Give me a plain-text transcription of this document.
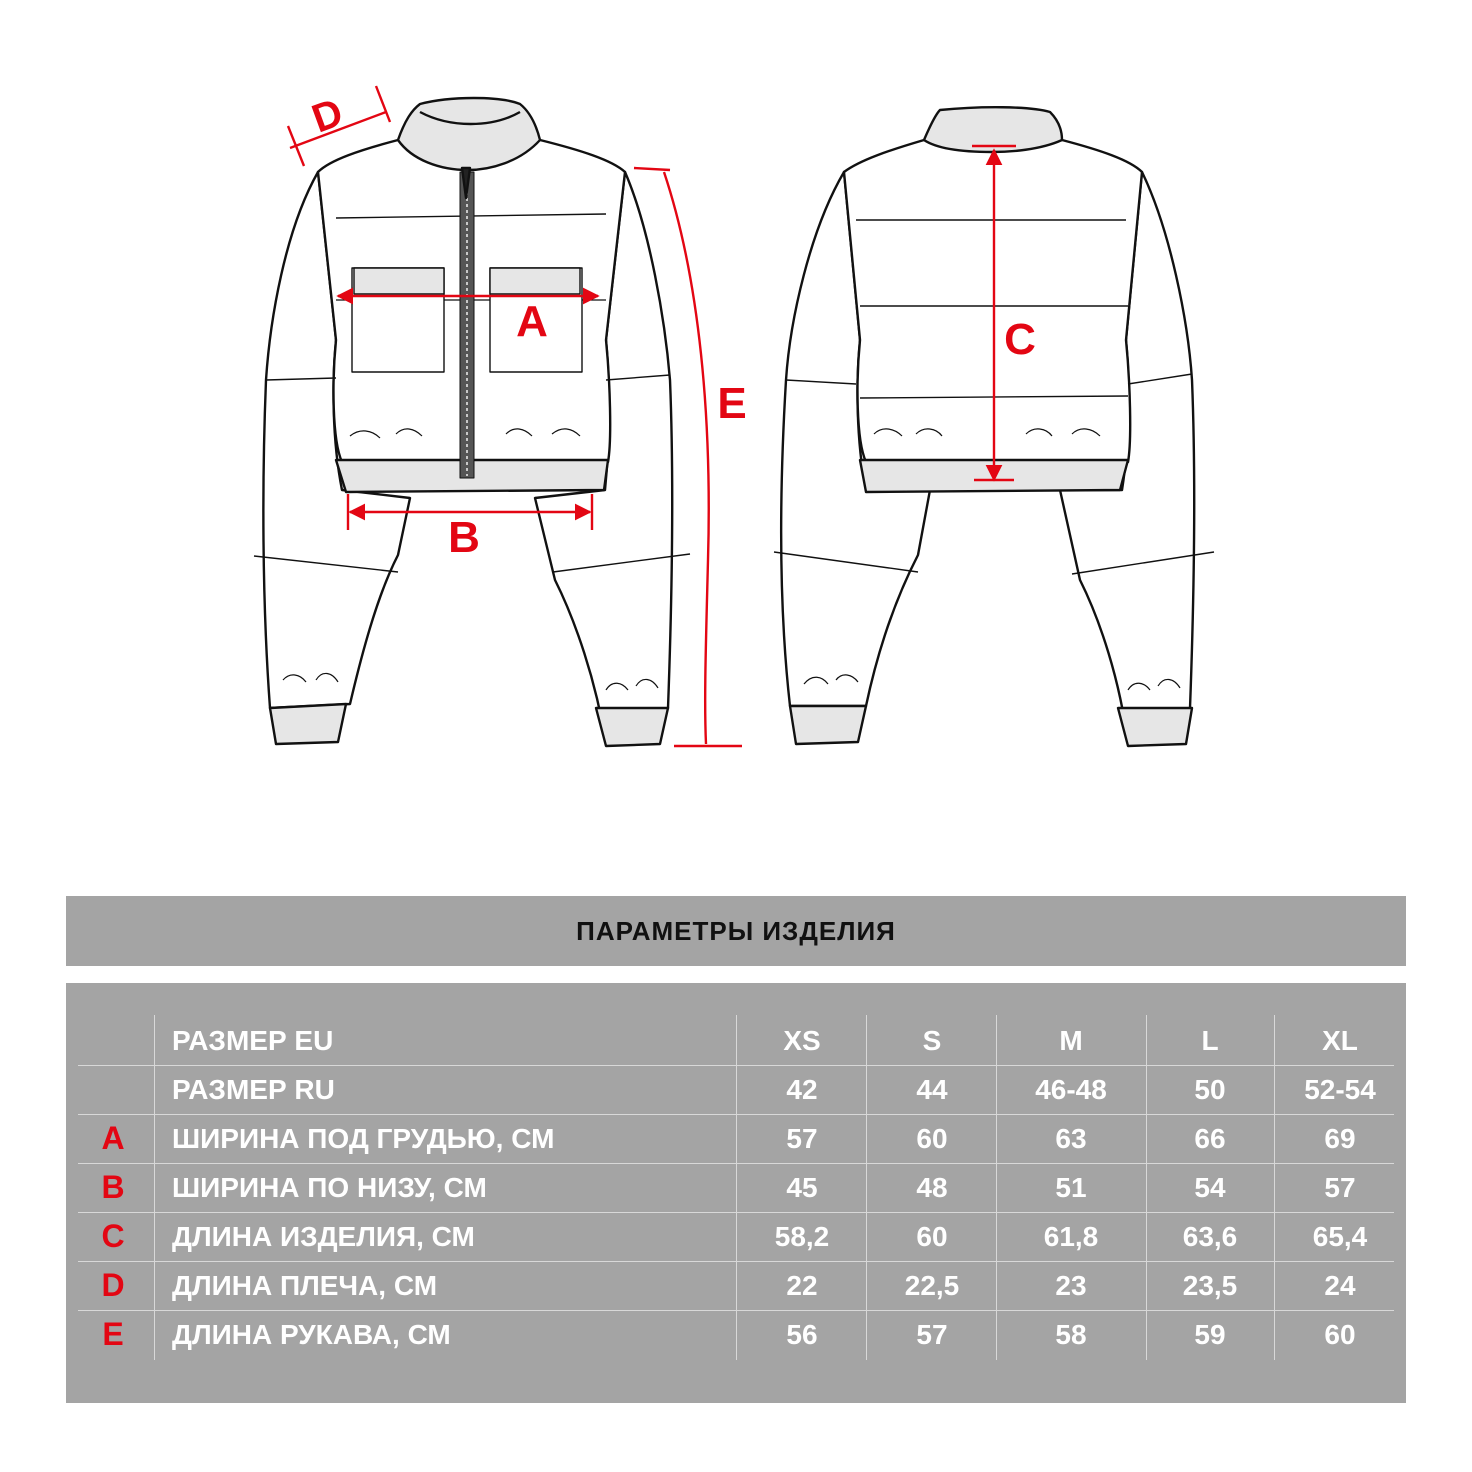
A
B
C
D
E
ПАРАМЕТРЫ ИЗДЕЛИЯ
РАЗМЕР EU	XS	S	M	L	XL
РАЗМЕР RU	42	44	46-48	50	52-54
A	ШИРИНА ПОД ГРУДЬЮ, СМ	57	60	63	66	69
B	ШИРИНА ПО НИЗУ, СМ	45	48	51	54	57
C	ДЛИНА ИЗДЕЛИЯ, СМ	58,2	60	61,8	63,6	65,4
D	ДЛИНА ПЛЕЧА, СМ	22	22,5	23	23,5	24
E	ДЛИНА РУКАВА, СМ	56	57	58	59	60
